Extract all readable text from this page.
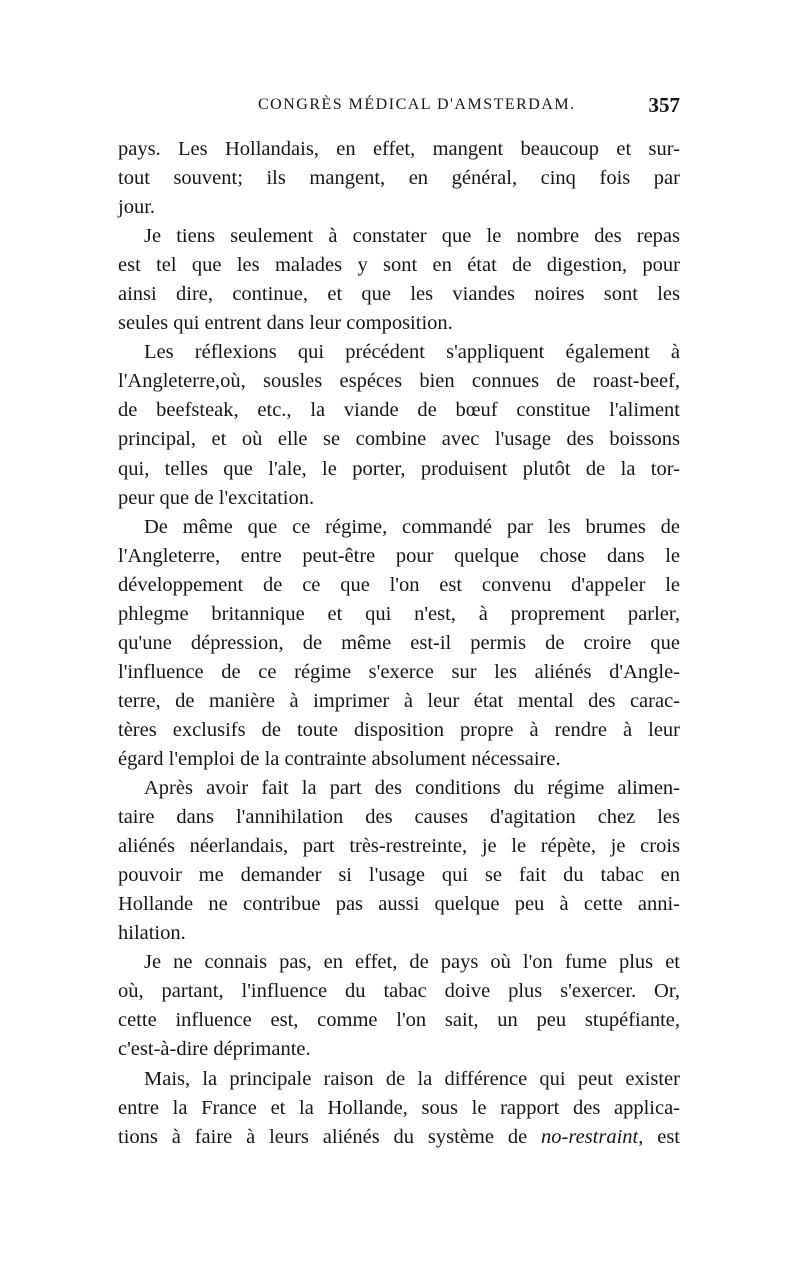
CONGRÈS MÉDICAL D'AMSTERDAM.	357
pays. Les Hollandais, en effet, mangent beaucoup et sur-
tout souvent; ils mangent, en général, cinq fois par
jour.
Je tiens seulement à constater que le nombre des repas
est tel que les malades y sont en état de digestion, pour
ainsi dire, continue, et que les viandes noires sont les
seules qui entrent dans leur composition.
Les réflexions qui précédent s'appliquent également à
l'Angleterre,où, sousles espéces bien connues de roast-beef,
de beefsteak, etc., la viande de bœuf constitue l'aliment
principal, et où elle se combine avec l'usage des boissons
qui, telles que l'ale, le porter, produisent plutôt de la tor-
peur que de l'excitation.
De même que ce régime, commandé par les brumes de
l'Angleterre, entre peut-être pour quelque chose dans le
développement de ce que l'on est convenu d'appeler le
phlegme britannique et qui n'est, à proprement parler,
qu'une dépression, de même est-il permis de croire que
l'influence de ce régime s'exerce sur les aliénés d'Angle-
terre, de manière à imprimer à leur état mental des carac-
tères exclusifs de toute disposition propre à rendre à leur
égard l'emploi de la contrainte absolument nécessaire.
Après avoir fait la part des conditions du régime alimen-
taire dans l'annihilation des causes d'agitation chez les
aliénés néerlandais, part très-restreinte, je le répète, je crois
pouvoir me demander si l'usage qui se fait du tabac en
Hollande ne contribue pas aussi quelque peu à cette anni-
hilation.
Je ne connais pas, en effet, de pays où l'on fume plus et
où, partant, l'influence du tabac doive plus s'exercer. Or,
cette influence est, comme l'on sait, un peu stupéfiante,
c'est-à-dire déprimante.
Mais, la principale raison de la différence qui peut exister
entre la France et la Hollande, sous le rapport des applica-
tions à faire à leurs aliénés du système de no-restraint, est
